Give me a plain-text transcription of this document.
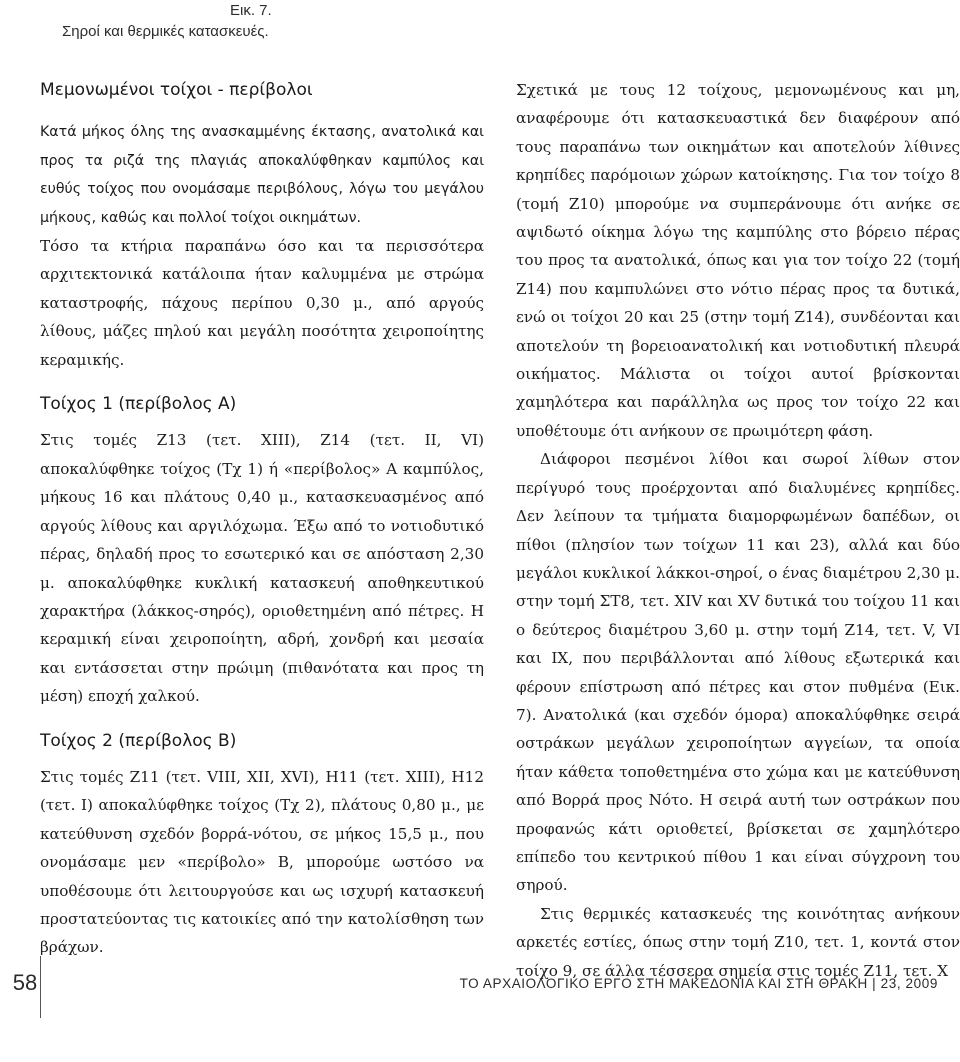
Εικ. 7.
Σηροί και θερμικές κατασκευές.
Μεμονωμένοι τοίχοι - περίβολοι

Κατά μήκος όλης της ανασκαμμένης έκτασης, ανατολικά και προς τα ριζά της πλαγιάς αποκαλύφθηκαν καμπύλος και ευθύς τοίχος που ονομάσαμε περιβόλους, λόγω του μεγάλου μήκους, καθώς και πολλοί τοίχοι οικημάτων.

Τόσο τα κτήρια παραπάνω όσο και τα περισσότερα αρχιτεκτονικά κατάλοιπα ήταν καλυμμένα με στρώμα καταστροφής, πάχους περίπου 0,30 μ., από αργούς λίθους, μάζες πηλού και μεγάλη ποσότητα χειροποίητης κεραμικής.

Τοίχος 1 (περίβολος Α)

Στις τομές Ζ13 (τετ. XIII), Ζ14 (τετ. II, VI) αποκαλύφθηκε τοίχος (Τχ 1) ή «περίβολος» Α καμπύλος, μήκους 16 και πλάτους 0,40 μ., κατασκευασμένος από αργούς λίθους και αργιλόχωμα. Έξω από το νοτιοδυτικό πέρας, δηλαδή προς το εσωτερικό και σε απόσταση 2,30 μ. αποκαλύφθηκε κυκλική κατασκευή αποθηκευτικού χαρακτήρα (λάκκος-σηρός), οριοθετημένη από πέτρες. Η κεραμική είναι χειροποίητη, αδρή, χονδρή και μεσαία και εντάσσεται στην πρώιμη (πιθανότατα και προς τη μέση) εποχή χαλκού.

Τοίχος 2 (περίβολος Β)

Στις τομές Ζ11 (τετ. VIII, XII, XVI), Η11 (τετ. XIII), Η12 (τετ. I) αποκαλύφθηκε τοίχος (Τχ 2), πλάτους 0,80 μ., με κατεύθυνση σχεδόν βορρά-νότου, σε μήκος 15,5 μ., που ονομάσαμε μεν «περίβολο» Β, μπορούμε ωστόσο να υποθέσουμε ότι λειτουργούσε και ως ισχυρή κατασκευή προστατεύοντας τις κατοικίες από την κατολίσθηση των βράχων.

Σχετικά με τους 12 τοίχους, μεμονωμένους και μη, αναφέρουμε ότι κατασκευαστικά δεν διαφέρουν από τους παραπάνω των οικημάτων και αποτελούν λίθινες κρηπίδες παρόμοιων χώρων κατοίκησης. Για τον τοίχο 8 (τομή Ζ10) μπορούμε να συμπεράνουμε ότι ανήκε σε αψιδωτό οίκημα λόγω της καμπύλης στο βόρειο πέρας του προς τα ανατολικά, όπως και για τον τοίχο 22 (τομή Ζ14) που καμπυλώνει στο νότιο πέρας προς τα δυτικά, ενώ οι τοίχοι 20 και 25 (στην τομή Ζ14), συνδέονται και αποτελούν τη βορειοανατολική και νοτιοδυτική πλευρά οικήματος. Μάλιστα οι τοίχοι αυτοί βρίσκονται χαμηλότερα και παράλληλα ως προς τον τοίχο 22 και υποθέτουμε ότι ανήκουν σε πρωιμότερη φάση.

Διάφοροι πεσμένοι λίθοι και σωροί λίθων στον περίγυρό τους προέρχονται από διαλυμένες κρηπίδες. Δεν λείπουν τα τμήματα διαμορφωμένων δαπέδων, οι πίθοι (πλησίον των τοίχων 11 και 23), αλλά και δύο μεγάλοι κυκλικοί λάκκοι-σηροί, ο ένας διαμέτρου 2,30 μ. στην τομή ΣΤ8, τετ. XIV και XV δυτικά του τοίχου 11 και ο δεύτερος διαμέτρου 3,60 μ. στην τομή Ζ14, τετ. V, VI και IX, που περιβάλλονται από λίθους εξωτερικά και φέρουν επίστρωση από πέτρες και στον πυθμένα (Εικ. 7). Ανατολικά (και σχεδόν όμορα) αποκαλύφθηκε σειρά οστράκων μεγάλων χειροποίητων αγγείων, τα οποία ήταν κάθετα τοποθετημένα στο χώμα και με κατεύθυνση από Βορρά προς Νότο. Η σειρά αυτή των οστράκων που προφανώς κάτι οριοθετεί, βρίσκεται σε χαμηλότερο επίπεδο του κεντρικού πίθου 1 και είναι σύγχρονη του σηρού.

Στις θερμικές κατασκευές της κοινότητας ανήκουν αρκετές εστίες, όπως στην τομή Ζ10, τετ. 1, κοντά στον τοίχο 9, σε άλλα τέσσερα σημεία στις τομές Ζ11, τετ. X

58	ΤΟ ΑΡΧΑΙΟΛΟΓΙΚΟ ΕΡΓΟ ΣΤΗ ΜΑΚΕΔΟΝΙΑ ΚΑΙ ΣΤΗ ΘΡΑΚΗ | 23, 2009
